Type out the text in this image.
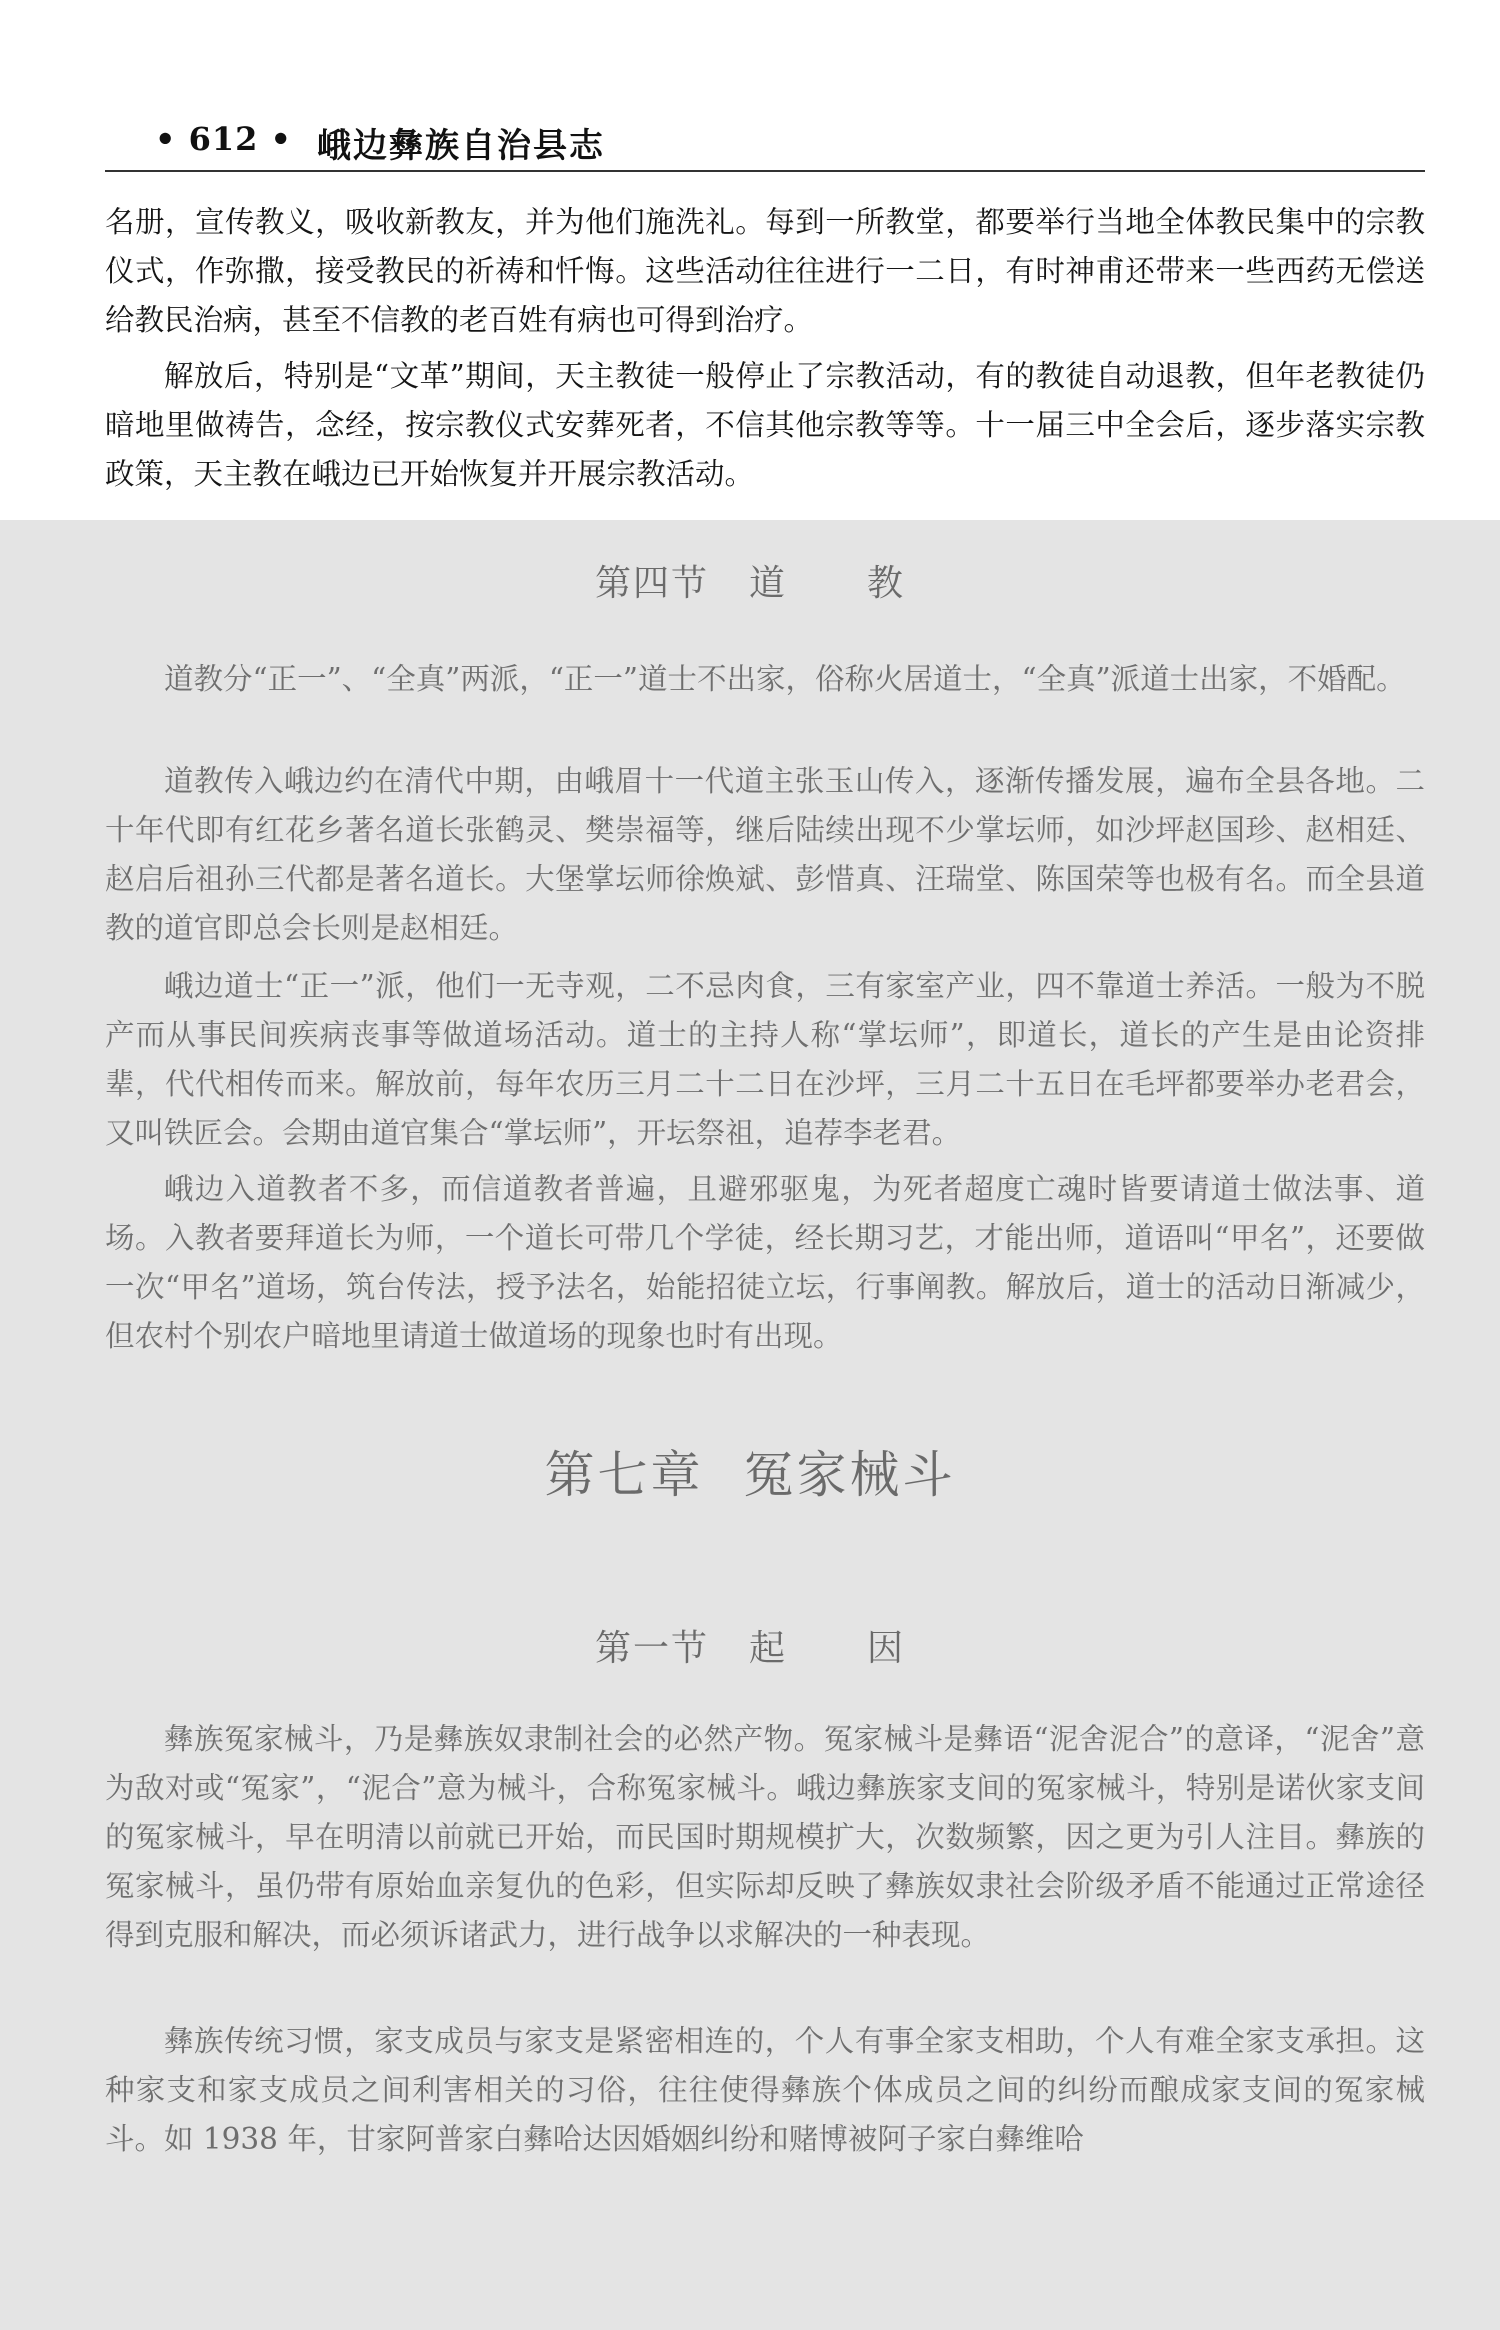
• 612 • 峨边彝族自治县志

名册，宣传教义，吸收新教友，并为他们施洗礼。每到一所教堂，都要举行当地全体教民集中的宗教仪式，作弥撒，接受教民的祈祷和忏悔。这些活动往往进行一二日，有时神甫还带来一些西药无偿送给教民治病，甚至不信教的老百姓有病也可得到治疗。

解放后，特别是“文革”期间，天主教徒一般停止了宗教活动，有的教徒自动退教，但年老教徒仍暗地里做祷告，念经，按宗教仪式安葬死者，不信其他宗教等等。十一届三中全会后，逐步落实宗教政策，天主教在峨边已开始恢复并开展宗教活动。

第四节 道 教

道教分“正一”、“全真”两派，“正一”道士不出家，俗称火居道士，“全真”派道士出家，不婚配。

道教传入峨边约在清代中期，由峨眉十一代道主张玉山传入，逐渐传播发展，遍布全县各地。二十年代即有红花乡著名道长张鹤灵、樊崇福等，继后陆续出现不少掌坛师，如沙坪赵国珍、赵相廷、赵启后祖孙三代都是著名道长。大堡掌坛师徐焕斌、彭惜真、汪瑞堂、陈国荣等也极有名。而全县道教的道官即总会长则是赵相廷。

峨边道士“正一”派，他们一无寺观，二不忌肉食，三有家室产业，四不靠道士养活。一般为不脱产而从事民间疾病丧事等做道场活动。道士的主持人称“掌坛师”，即道长，道长的产生是由论资排辈，代代相传而来。解放前，每年农历三月二十二日在沙坪，三月二十五日在毛坪都要举办老君会，又叫铁匠会。会期由道官集合“掌坛师”，开坛祭祖，追荐李老君。

峨边入道教者不多，而信道教者普遍，且避邪驱鬼，为死者超度亡魂时皆要请道士做法事、道场。入教者要拜道长为师，一个道长可带几个学徒，经长期习艺，才能出师，道语叫“甲名”，还要做一次“甲名”道场，筑台传法，授予法名，始能招徒立坛，行事阐教。解放后，道士的活动日渐减少，但农村个别农户暗地里请道士做道场的现象也时有出现。

第七章 冤家械斗
第一节 起 因

彝族冤家械斗，乃是彝族奴隶制社会的必然产物。冤家械斗是彝语“泥舍泥合”的意译，“泥舍”意为敌对或“冤家”，“泥合”意为械斗，合称冤家械斗。峨边彝族家支间的冤家械斗，特别是诺伙家支间的冤家械斗，早在明清以前就已开始，而民国时期规模扩大，次数频繁，因之更为引人注目。彝族的冤家械斗，虽仍带有原始血亲复仇的色彩，但实际却反映了彝族奴隶社会阶级矛盾不能通过正常途径得到克服和解决，而必须诉诸武力，进行战争以求解决的一种表现。

彝族传统习惯，家支成员与家支是紧密相连的，个人有事全家支相助，个人有难全家支承担。这种家支和家支成员之间利害相关的习俗，往往使得彝族个体成员之间的纠纷而酿成家支间的冤家械斗。如 1938 年，甘家阿普家白彝哈达因婚姻纠纷和赌博被阿子家白彝维哈
